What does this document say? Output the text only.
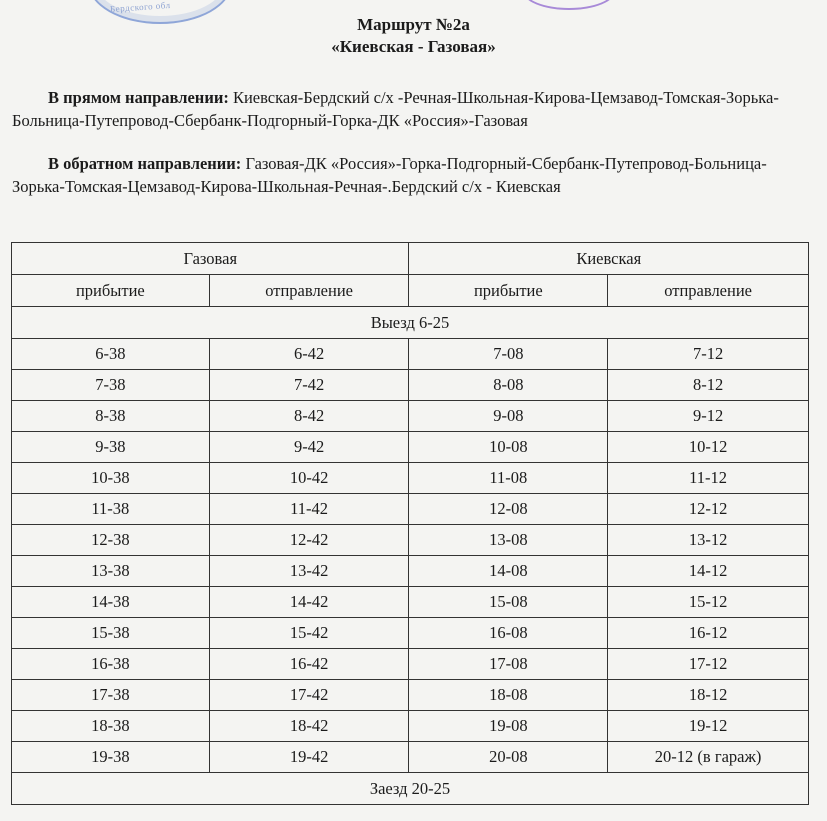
Бердского обл
Маршрут №2а
«Киевская - Газовая»
В прямом направлении: Киевская-Бердский с/х -Речная-Школьная-Кирова-Цемзавод-Томская-Зорька-Больница-Путепровод-Сбербанк-Подгорный-Горка-ДК «Россия»-Газовая
В обратном направлении: Газовая-ДК «Россия»-Горка-Подгорный-Сбербанк-Путепровод-Больница-Зорька-Томская-Цемзавод-Кирова-Школьная-Речная-.Бердский с/х - Киевская
Газовая		Киевская	
прибытие	отправление	прибытие	отправление
Выезд 6-25			
6-38	6-42	7-08	7-12
7-38	7-42	8-08	8-12
8-38	8-42	9-08	9-12
9-38	9-42	10-08	10-12
10-38	10-42	11-08	11-12
11-38	11-42	12-08	12-12
12-38	12-42	13-08	13-12
13-38	13-42	14-08	14-12
14-38	14-42	15-08	15-12
15-38	15-42	16-08	16-12
16-38	16-42	17-08	17-12
17-38	17-42	18-08	18-12
18-38	18-42	19-08	19-12
19-38	19-42	20-08	20-12 (в гараж)
Заезд 20-25			
